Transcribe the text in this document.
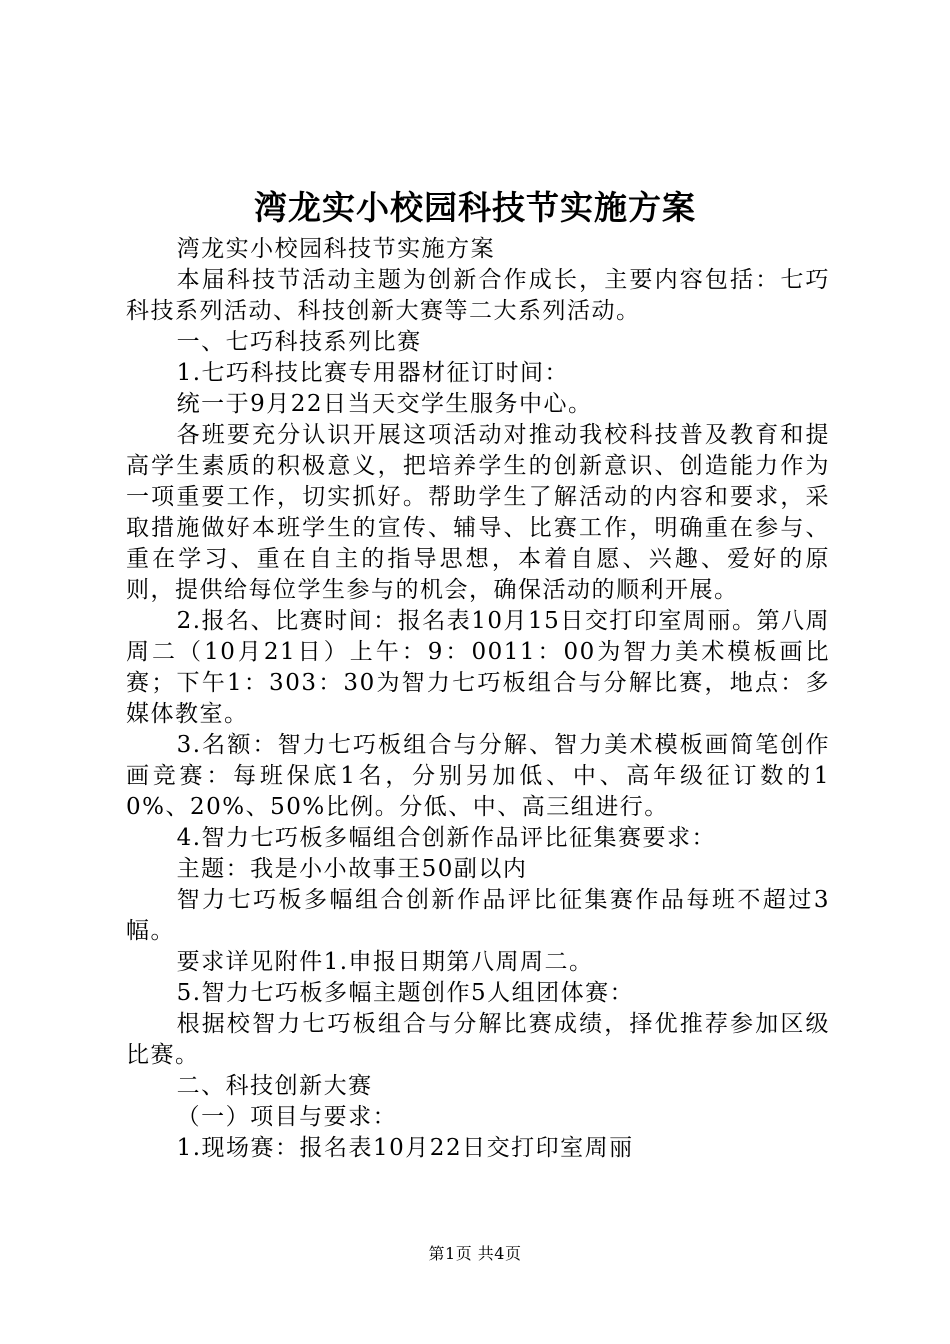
湾龙实小校园科技节实施方案

湾龙实小校园科技节实施方案

本届科技节活动主题为创新合作成长，主要内容包括：七巧科技系列活动、科技创新大赛等二大系列活动。

一、七巧科技系列比赛

1.七巧科技比赛专用器材征订时间：

统一于9月22日当天交学生服务中心。

各班要充分认识开展这项活动对推动我校科技普及教育和提高学生素质的积极意义，把培养学生的创新意识、创造能力作为一项重要工作，切实抓好。帮助学生了解活动的内容和要求，采取措施做好本班学生的宣传、辅导、比赛工作，明确重在参与、重在学习、重在自主的指导思想，本着自愿、兴趣、爱好的原则，提供给每位学生参与的机会，确保活动的顺利开展。

2.报名、比赛时间：报名表10月15日交打印室周丽。第八周周二（10月21日）上午：9：0011：00为智力美术模板画比赛；下午1：303：30为智力七巧板组合与分解比赛，地点：多媒体教室。

3.名额：智力七巧板组合与分解、智力美术模板画简笔创作画竞赛：每班保底1名，分别另加低、中、高年级征订数的10%、20%、50%比例。分低、中、高三组进行。

4.智力七巧板多幅组合创新作品评比征集赛要求：

主题：我是小小故事王50副以内

智力七巧板多幅组合创新作品评比征集赛作品每班不超过3幅。

要求详见附件1.申报日期第八周周二。

5.智力七巧板多幅主题创作5人组团体赛：

根据校智力七巧板组合与分解比赛成绩，择优推荐参加区级比赛。

二、科技创新大赛

（一）项目与要求：

1.现场赛：报名表10月22日交打印室周丽

第1页 共4页
